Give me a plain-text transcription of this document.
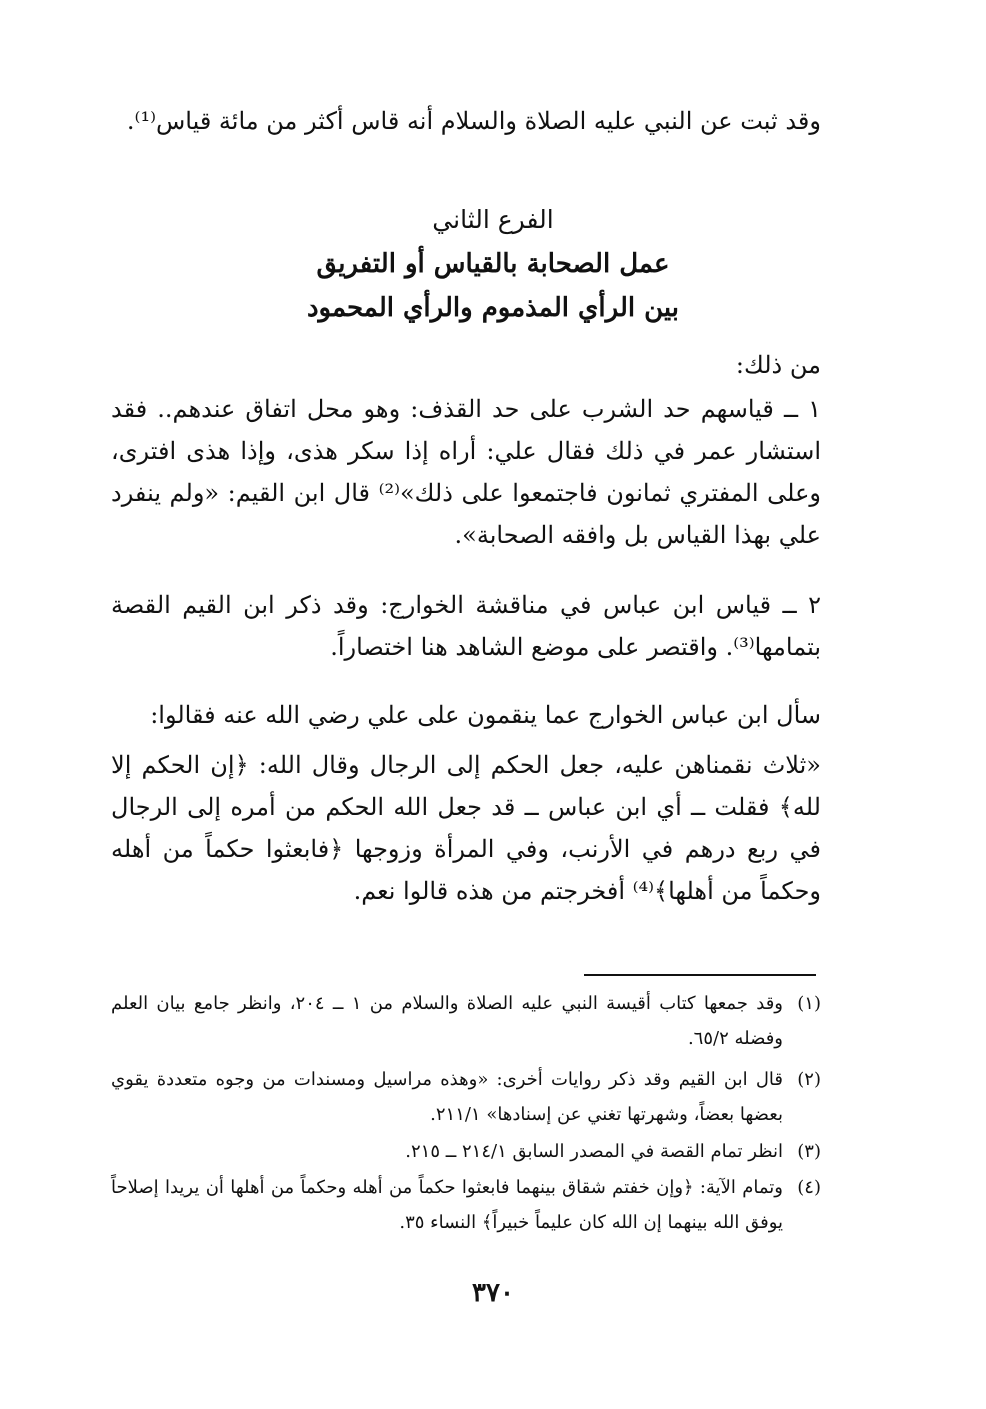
وقد ثبت عن النبي عليه الصلاة والسلام أنه قاس أكثر من مائة قياس⁽¹⁾.

الفرع الثاني

عمل الصحابة بالقياس أو التفريق

بين الرأي المذموم والرأي المحمود

من ذلك:

١ ــ قياسهم حد الشرب على حد القذف: وهو محل اتفاق عندهم.. فقد استشار عمر في ذلك فقال علي: أراه إذا سكر هذى، وإذا هذى افترى، وعلى المفتري ثمانون فاجتمعوا على ذلك»⁽²⁾ قال ابن القيم: «ولم ينفرد علي بهذا القياس بل وافقه الصحابة».

٢ ــ قياس ابن عباس في مناقشة الخوارج: وقد ذكر ابن القيم القصة بتمامها⁽³⁾. واقتصر على موضع الشاهد هنا اختصاراً.

سأل ابن عباس الخوارج عما ينقمون على علي رضي الله عنه فقالوا:

«ثلاث نقمناهن عليه، جعل الحكم إلى الرجال وقال الله: ﴿إن الحكم إلا لله﴾ فقلت ــ أي ابن عباس ــ قد جعل الله الحكم من أمره إلى الرجال في ربع درهم في الأرنب، وفي المرأة وزوجها ﴿فابعثوا حكماً من أهله وحكماً من أهلها﴾⁽⁴⁾ أفخرجتم من هذه قالوا نعم.

(١)
وقد جمعها كتاب أقيسة النبي عليه الصلاة والسلام من ١ ــ ٢٠٤، وانظر جامع بيان العلم وفضله ٦٥/٢.
(٢)
قال ابن القيم وقد ذكر روايات أخرى: «وهذه مراسيل ومسندات من وجوه متعددة يقوي بعضها بعضاً، وشهرتها تغني عن إسنادها» ٢١١/١.
(٣)
انظر تمام القصة في المصدر السابق ٢١٤/١ ــ ٢١٥.
(٤)
وتمام الآية: ﴿وإن خفتم شقاق بينهما فابعثوا حكماً من أهله وحكماً من أهلها أن يريدا إصلاحاً يوفق الله بينهما إن الله كان عليماً خبيراً﴾ النساء ٣٥.

٣٧٠
